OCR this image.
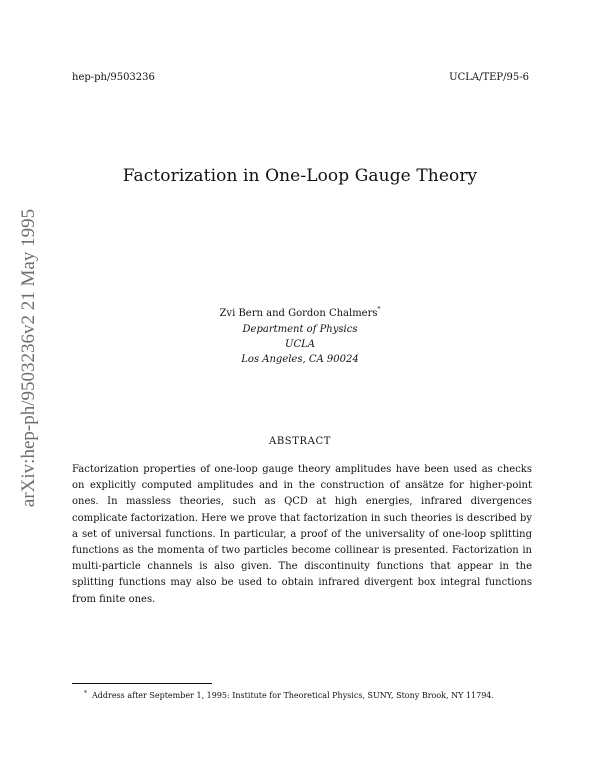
hep-ph/9503236	UCLA/TEP/95-6
arXiv:hep-ph/9503236v2 21 May 1995
Factorization in One-Loop Gauge Theory
Zvi Bern and Gordon Chalmers*
Department of Physics
UCLA
Los Angeles, CA 90024
ABSTRACT
Factorization properties of one-loop gauge theory amplitudes have been used as checks on explicitly computed amplitudes and in the construction of ansätze for higher-point ones. In massless theories, such as QCD at high energies, infrared divergences complicate factorization. Here we prove that factorization in such theories is described by a set of universal functions. In particular, a proof of the universality of one-loop splitting functions as the momenta of two particles become collinear is presented. Factorization in multi-particle channels is also given. The discontinuity functions that appear in the splitting functions may also be used to obtain infrared divergent box integral functions from finite ones.
* Address after September 1, 1995: Institute for Theoretical Physics, SUNY, Stony Brook, NY 11794.
